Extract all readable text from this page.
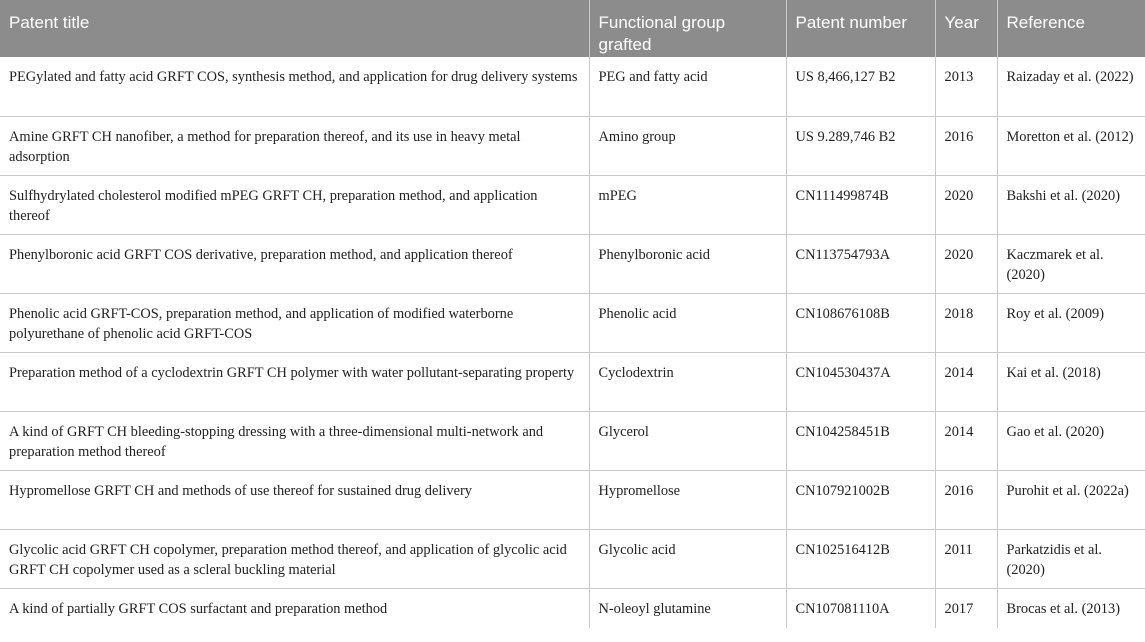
Patent title	Functional group grafted	Patent number	Year	Reference
PEGylated and fatty acid GRFT COS, synthesis method, and application for drug delivery systems	PEG and fatty acid	US 8,466,127 B2	2013	Raizaday et al. (2022)
Amine GRFT CH nanofiber, a method for preparation thereof, and its use in heavy metal adsorption	Amino group	US 9.289,746 B2	2016	Moretton et al. (2012)
Sulfhydrylated cholesterol modified mPEG GRFT CH, preparation method, and application thereof	mPEG	CN111499874B	2020	Bakshi et al. (2020)
Phenylboronic acid GRFT COS derivative, preparation method, and application thereof	Phenylboronic acid	CN113754793A	2020	Kaczmarek et al. (2020)
Phenolic acid GRFT-COS, preparation method, and application of modified waterborne polyurethane of phenolic acid GRFT-COS	Phenolic acid	CN108676108B	2018	Roy et al. (2009)
Preparation method of a cyclodextrin GRFT CH polymer with water pollutant-separating property	Cyclodextrin	CN104530437A	2014	Kai et al. (2018)
A kind of GRFT CH bleeding-stopping dressing with a three-dimensional multi-network and preparation method thereof	Glycerol	CN104258451B	2014	Gao et al. (2020)
Hypromellose GRFT CH and methods of use thereof for sustained drug delivery	Hypromellose	CN107921002B	2016	Purohit et al. (2022a)
Glycolic acid GRFT CH copolymer, preparation method thereof, and application of glycolic acid GRFT CH copolymer used as a scleral buckling material	Glycolic acid	CN102516412B	2011	Parkatzidis et al. (2020)
A kind of partially GRFT COS surfactant and preparation method	N-oleoyl glutamine	CN107081110A	2017	Brocas et al. (2013)
